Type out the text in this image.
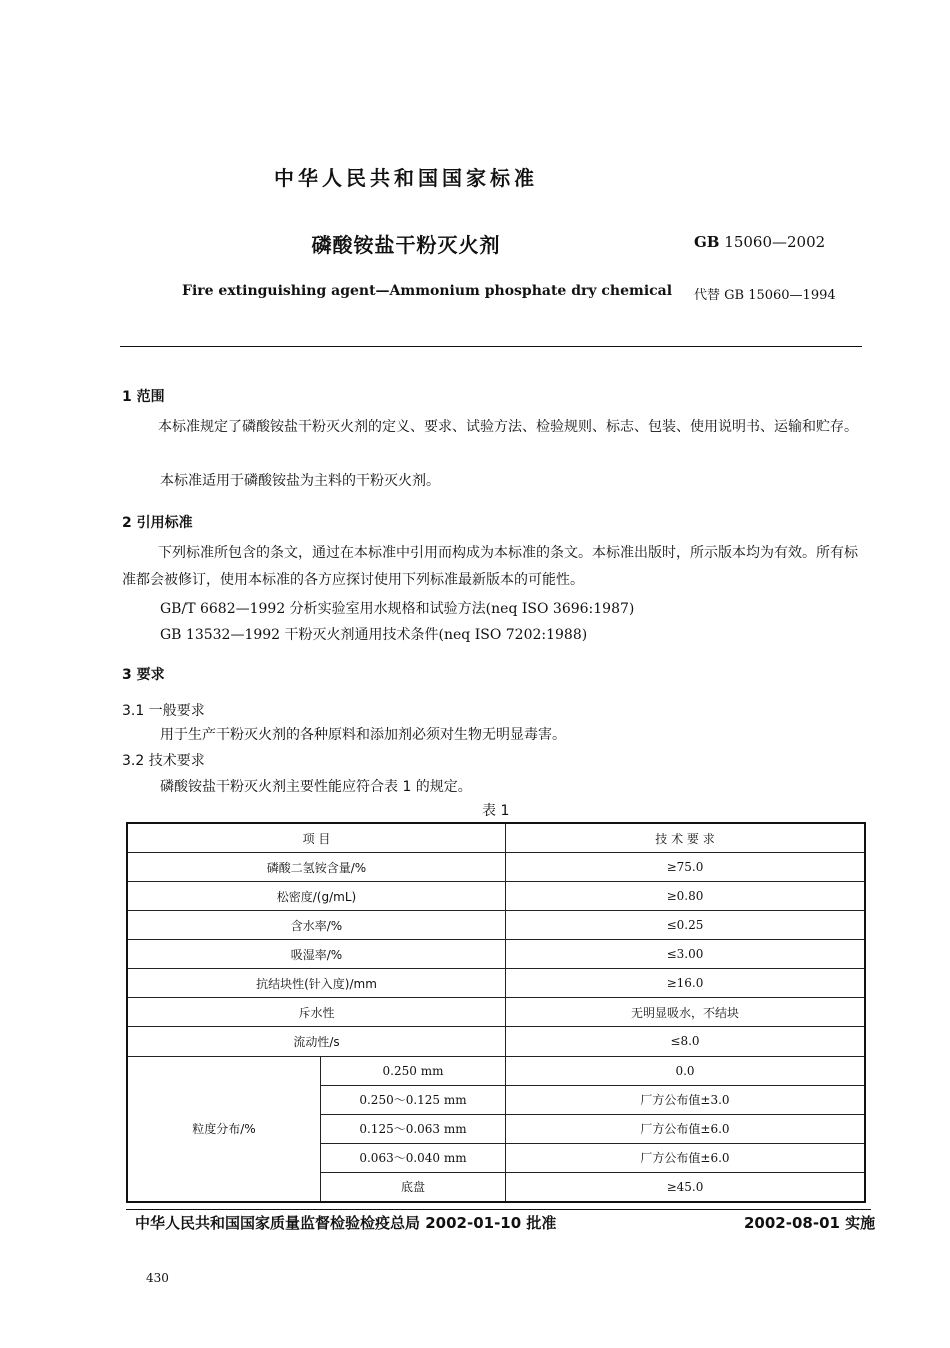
中华人民共和国国家标准
磷酸铵盐干粉灭火剂	GB 15060—2002
Fire extinguishing agent—Ammonium phosphate dry chemical 代替 GB 15060—1994
1 范围
本标准规定了磷酸铵盐干粉灭火剂的定义、要求、试验方法、检验规则、标志、包装、使用说明书、运输和贮存。
本标准适用于磷酸铵盐为主料的干粉灭火剂。
2 引用标准
下列标准所包含的条文，通过在本标准中引用而构成为本标准的条文。本标准出版时，所示版本均为有效。所有标准都会被修订，使用本标准的各方应探讨使用下列标准最新版本的可能性。
GB/T 6682—1992 分析实验室用水规格和试验方法(neq ISO 3696:1987)
GB 13532—1992 干粉灭火剂通用技术条件(neq ISO 7202:1988)
3 要求
3.1 一般要求
用于生产干粉灭火剂的各种原料和添加剂必须对生物无明显毒害。
3.2 技术要求
磷酸铵盐干粉灭火剂主要性能应符合表 1 的规定。
表 1
项 目		技 术 要 求
磷酸二氢铵含量/%		≥75.0
松密度/(g/mL)		≥0.80
含水率/%		≤0.25
吸湿率/%		≤3.00
抗结块性(针入度)/mm		≥16.0
斥水性		无明显吸水，不结块
流动性/s		≤8.0
粒度分布/%	0.250 mm	0.0
	0.250～0.125 mm	厂方公布值±3.0
	0.125～0.063 mm	厂方公布值±6.0
	0.063～0.040 mm	厂方公布值±6.0
	底盘	≥45.0
中华人民共和国国家质量监督检验检疫总局 2002-01-10 批准	2002-08-01 实施
430
